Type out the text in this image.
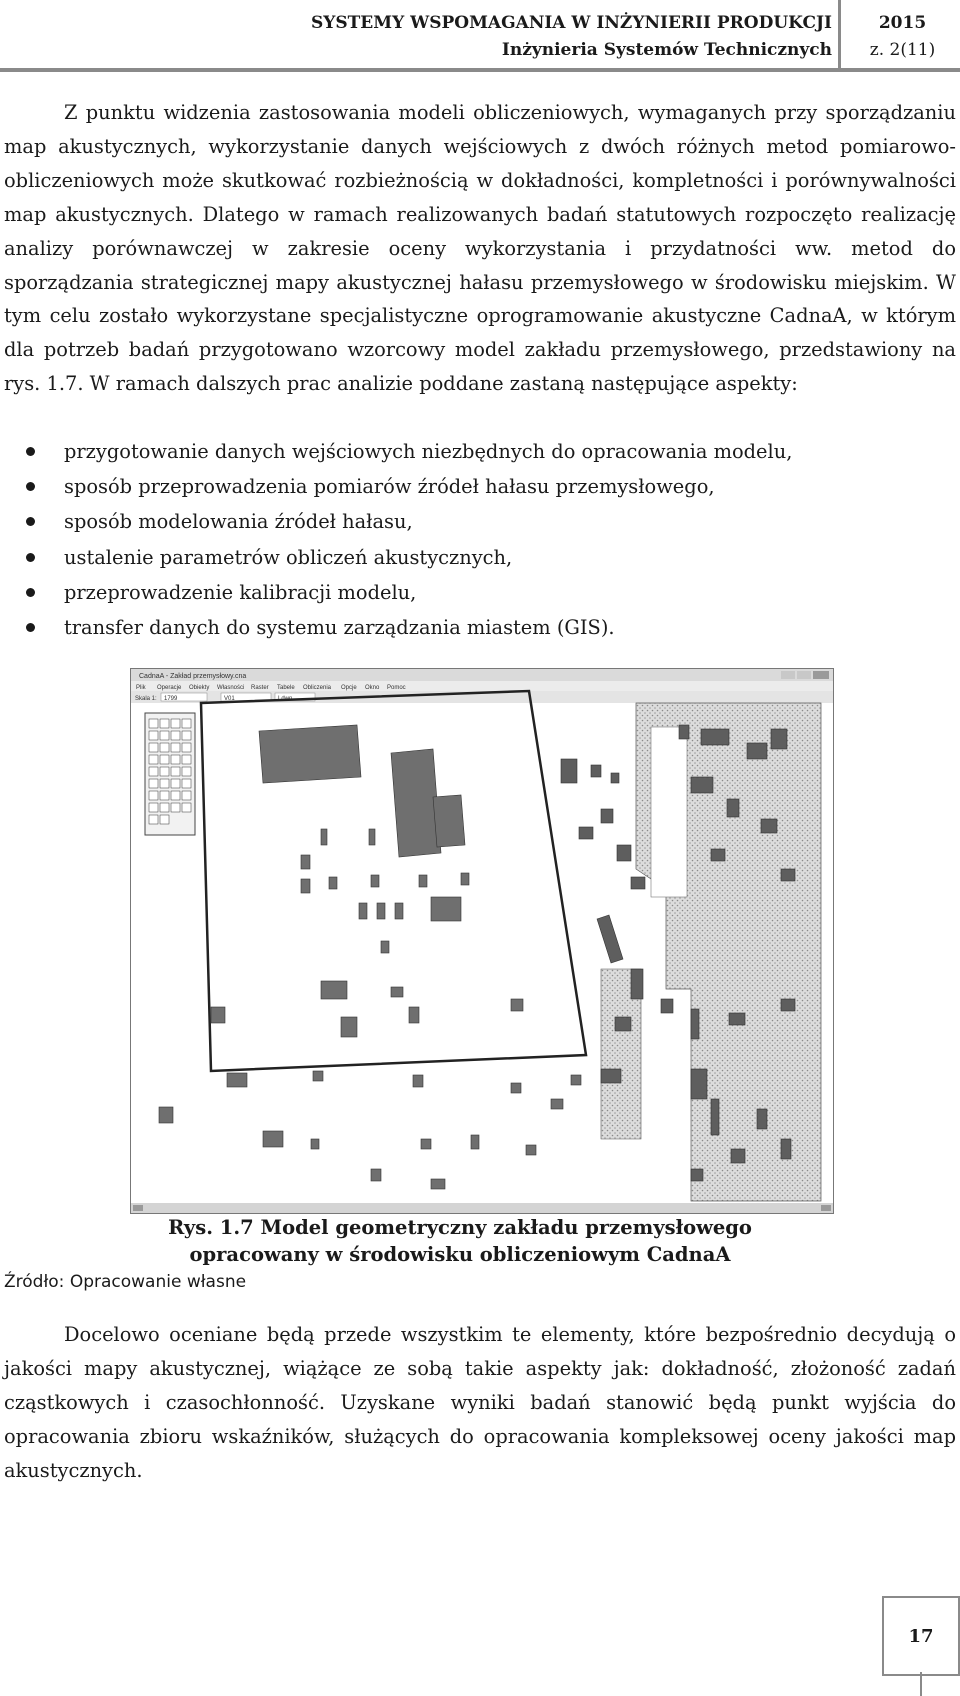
SYSTEMY WSPOMAGANIA W INŻYNIERII PRODUKCJI
Inżynieria Systemów Technicznych
2015
z. 2(11)

Z punktu widzenia zastosowania modeli obliczeniowych, wymaganych przy sporządzaniu map akustycznych, wykorzystanie danych wejściowych z dwóch różnych metod pomiarowo-obliczeniowych może skutkować rozbieżnością w dokładności, kompletności i porównywalności map akustycznych. Dlatego w ramach realizowanych badań statutowych rozpoczęto realizację analizy porównawczej w zakresie oceny wykorzystania i przydatności ww. metod do sporządzania strategicznej mapy akustycznej hałasu przemysłowego w środowisku miejskim. W tym celu zostało wykorzystane specjalistyczne oprogramowanie akustyczne CadnaA, w którym dla potrzeb badań przygotowano wzorcowy model zakładu przemysłowego, przedstawiony na rys. 1.7. W ramach dalszych prac analizie poddane zastaną następujące aspekty:

przygotowanie danych wejściowych niezbędnych do opracowania modelu,
sposób przeprowadzenia pomiarów źródeł hałasu przemysłowego,
sposób modelowania źródeł hałasu,
ustalenie parametrów obliczeń akustycznych,
przeprowadzenie kalibracji modelu,
transfer danych do systemu zarządzania miastem (GIS).
CadnaA - Zakład przemysłowy.cna
Plik Operacje Obiekty Własności Raster Tabele Obliczenia Opcje Okno Pomoc
Skala 1: 1799	V01	Ldwn
Rys. 1.7 Model geometryczny zakładu przemysłowego
opracowany w środowisku obliczeniowym CadnaA
Źródło: Opracowanie własne

Docelowo oceniane będą przede wszystkim te elementy, które bezpośrednio decydują o jakości mapy akustycznej, wiążące ze sobą takie aspekty jak: dokładność, złożoność zadań cząstkowych i czasochłonność. Uzyskane wyniki badań stanowić będą punkt wyjścia do opracowania zbioru wskaźników, służących do opracowania kompleksowej oceny jakości map akustycznych.

17
